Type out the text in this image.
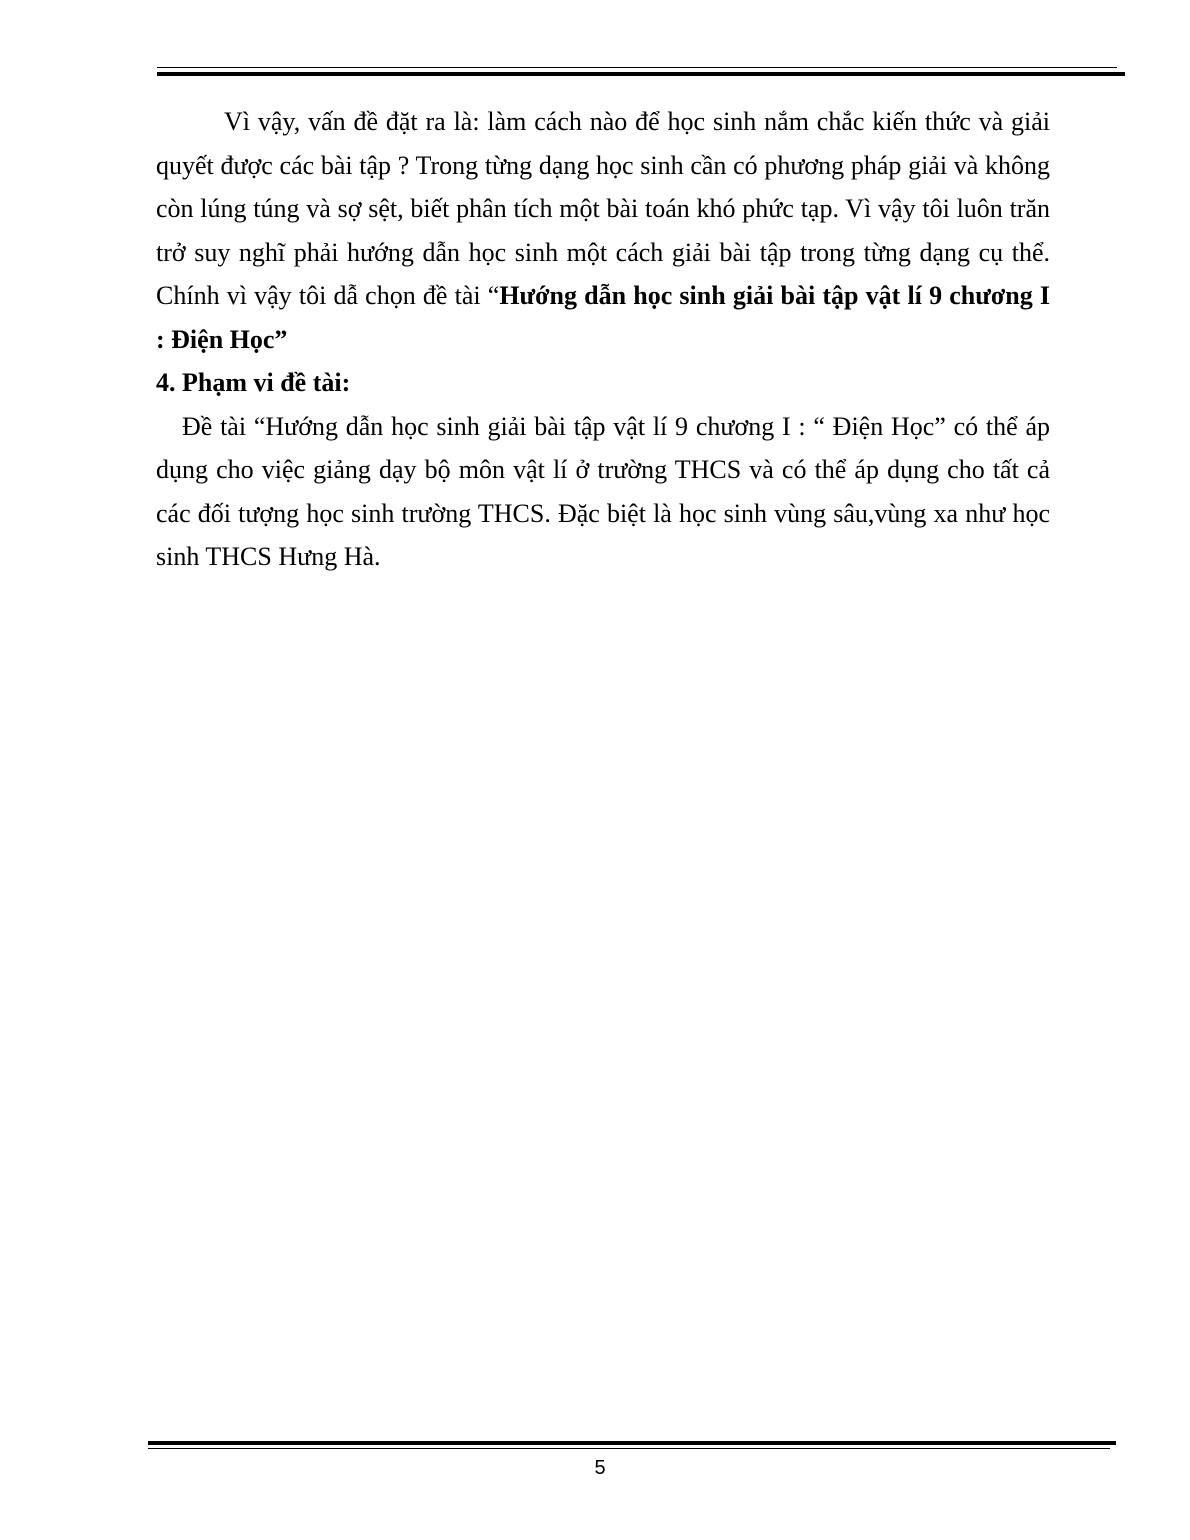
Vì vậy, vấn đề đặt ra là: làm cách nào để học sinh nắm chắc kiến thức và giải quyết được các bài tập ? Trong từng dạng học sinh cần có phương pháp giải và không còn lúng túng và sợ sệt, biết phân tích một bài toán khó phức tạp. Vì vậy tôi luôn trăn trở suy nghĩ phải hướng dẫn học sinh một cách giải bài tập trong từng dạng cụ thể. Chính vì vậy tôi dẫ chọn đề tài “Hướng dẫn học sinh giải bài tập vật lí 9 chương I : Điện Học”

4. Phạm vi đề tài:

Đề tài “Hướng dẫn học sinh giải bài tập vật lí 9 chương I : “ Điện Học” có thể áp dụng cho việc giảng dạy bộ môn vật lí ở trường THCS và có thể áp dụng cho tất cả các đối tượng học sinh trường THCS. Đặc biệt là học sinh vùng sâu,vùng xa như học sinh THCS Hưng Hà.

5
